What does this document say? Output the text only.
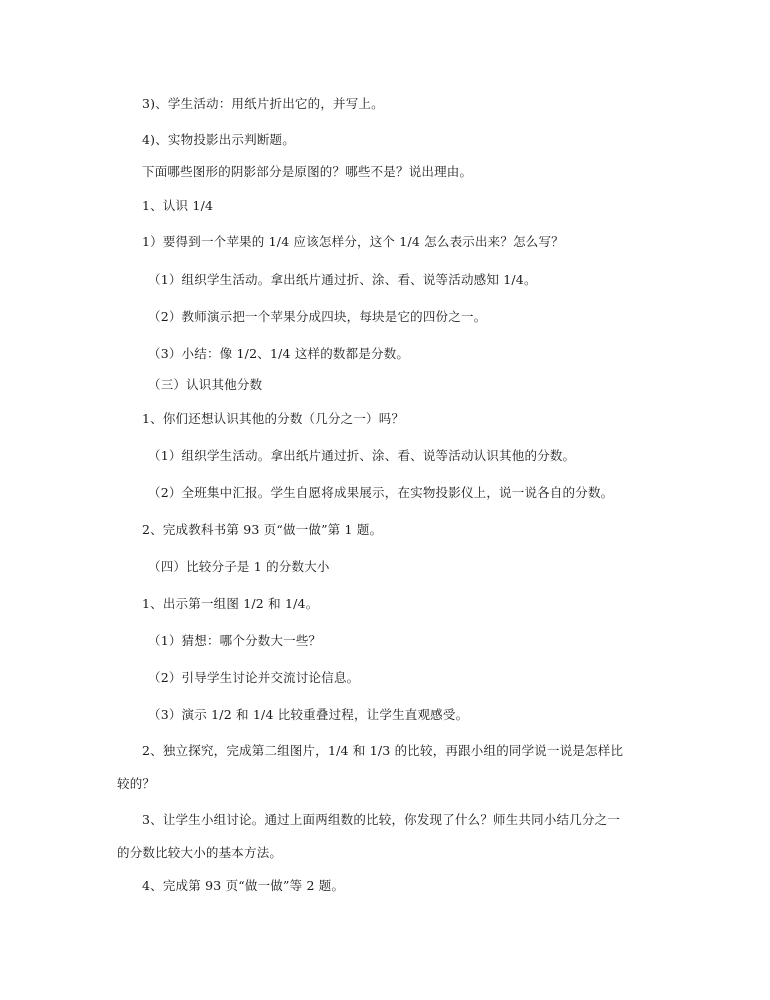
3)、学生活动：用纸片折出它的，并写上。
4)、实物投影出示判断题。
下面哪些图形的阴影部分是原图的？哪些不是？说出理由。
1、认识 1/4
1）要得到一个苹果的 1/4 应该怎样分，这个 1/4 怎么表示出来？怎么写？
（1）组织学生活动。拿出纸片通过折、涂、看、说等活动感知 1/4。
（2）教师演示把一个苹果分成四块，每块是它的四份之一。
（3）小结：像 1/2、1/4 这样的数都是分数。
（三）认识其他分数
1、你们还想认识其他的分数（几分之一）吗？
（1）组织学生活动。拿出纸片通过折、涂、看、说等活动认识其他的分数。
（2）全班集中汇报。学生自愿将成果展示，在实物投影仪上，说一说各自的分数。
2、完成教科书第 93 页“做一做”第 1 题。
（四）比较分子是 1 的分数大小
1、出示第一组图 1/2 和 1/4。
（1）猜想：哪个分数大一些？
（2）引导学生讨论并交流讨论信息。
（3）演示 1/2 和 1/4 比较重叠过程，让学生直观感受。
2、独立探究，完成第二组图片，1/4 和 1/3 的比较，再跟小组的同学说一说是怎样比
较的？
3、让学生小组讨论。通过上面两组数的比较，你发现了什么？师生共同小结几分之一
的分数比较大小的基本方法。
4、完成第 93 页“做一做”等 2 题。
